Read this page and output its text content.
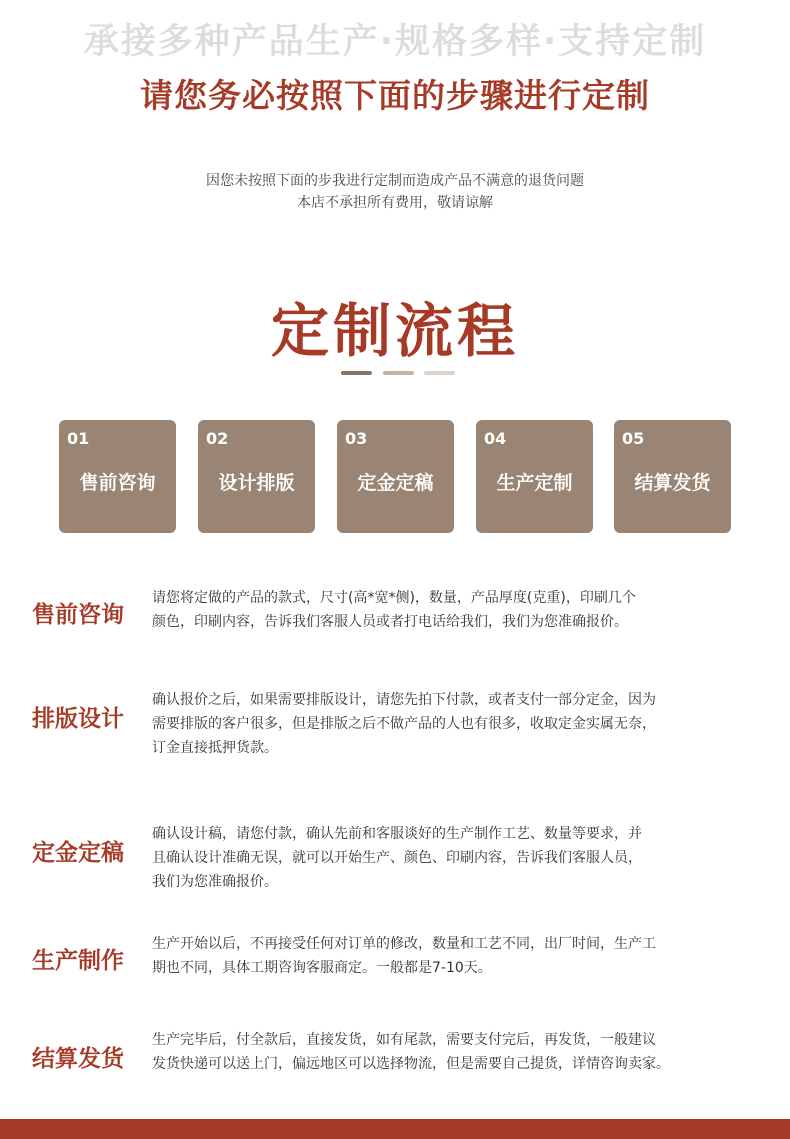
承接多种产品生产·规格多样·支持定制
请您务必按照下面的步骤进行定制
因您未按照下面的步我进行定制而造成产品不满意的退货问题
本店不承担所有费用，敬请谅解
定制流程
01
售前咨询
02
设计排版
03
定金定稿
04
生产定制
05
结算发货
售前咨询
请您将定做的产品的款式，尺寸(高*宽*侧)，数量，产品厚度(克重)，印刷几个
颜色，印刷内容，告诉我们客服人员或者打电话给我们，我们为您准确报价。
排版设计
确认报价之后，如果需要排版设计，请您先拍下付款，或者支付一部分定金，因为
需要排版的客户很多，但是排版之后不做产品的人也有很多，收取定金实属无奈，
订金直接抵押货款。
定金定稿
确认设计稿，请您付款，确认先前和客服谈好的生产制作工艺、数量等要求，并
且确认设计准确无误，就可以开始生产、颜色、印刷内容，告诉我们客服人员，
我们为您准确报价。
生产制作
生产开始以后，不再接受任何对订单的修改，数量和工艺不同，出厂时间，生产工
期也不同，具体工期咨询客服商定。一般都是7-10天。
结算发货
生产完毕后，付全款后，直接发货，如有尾款，需要支付完后，再发货，一般建议
发货快递可以送上门，偏远地区可以选择物流，但是需要自己提货，详情咨询卖家。
